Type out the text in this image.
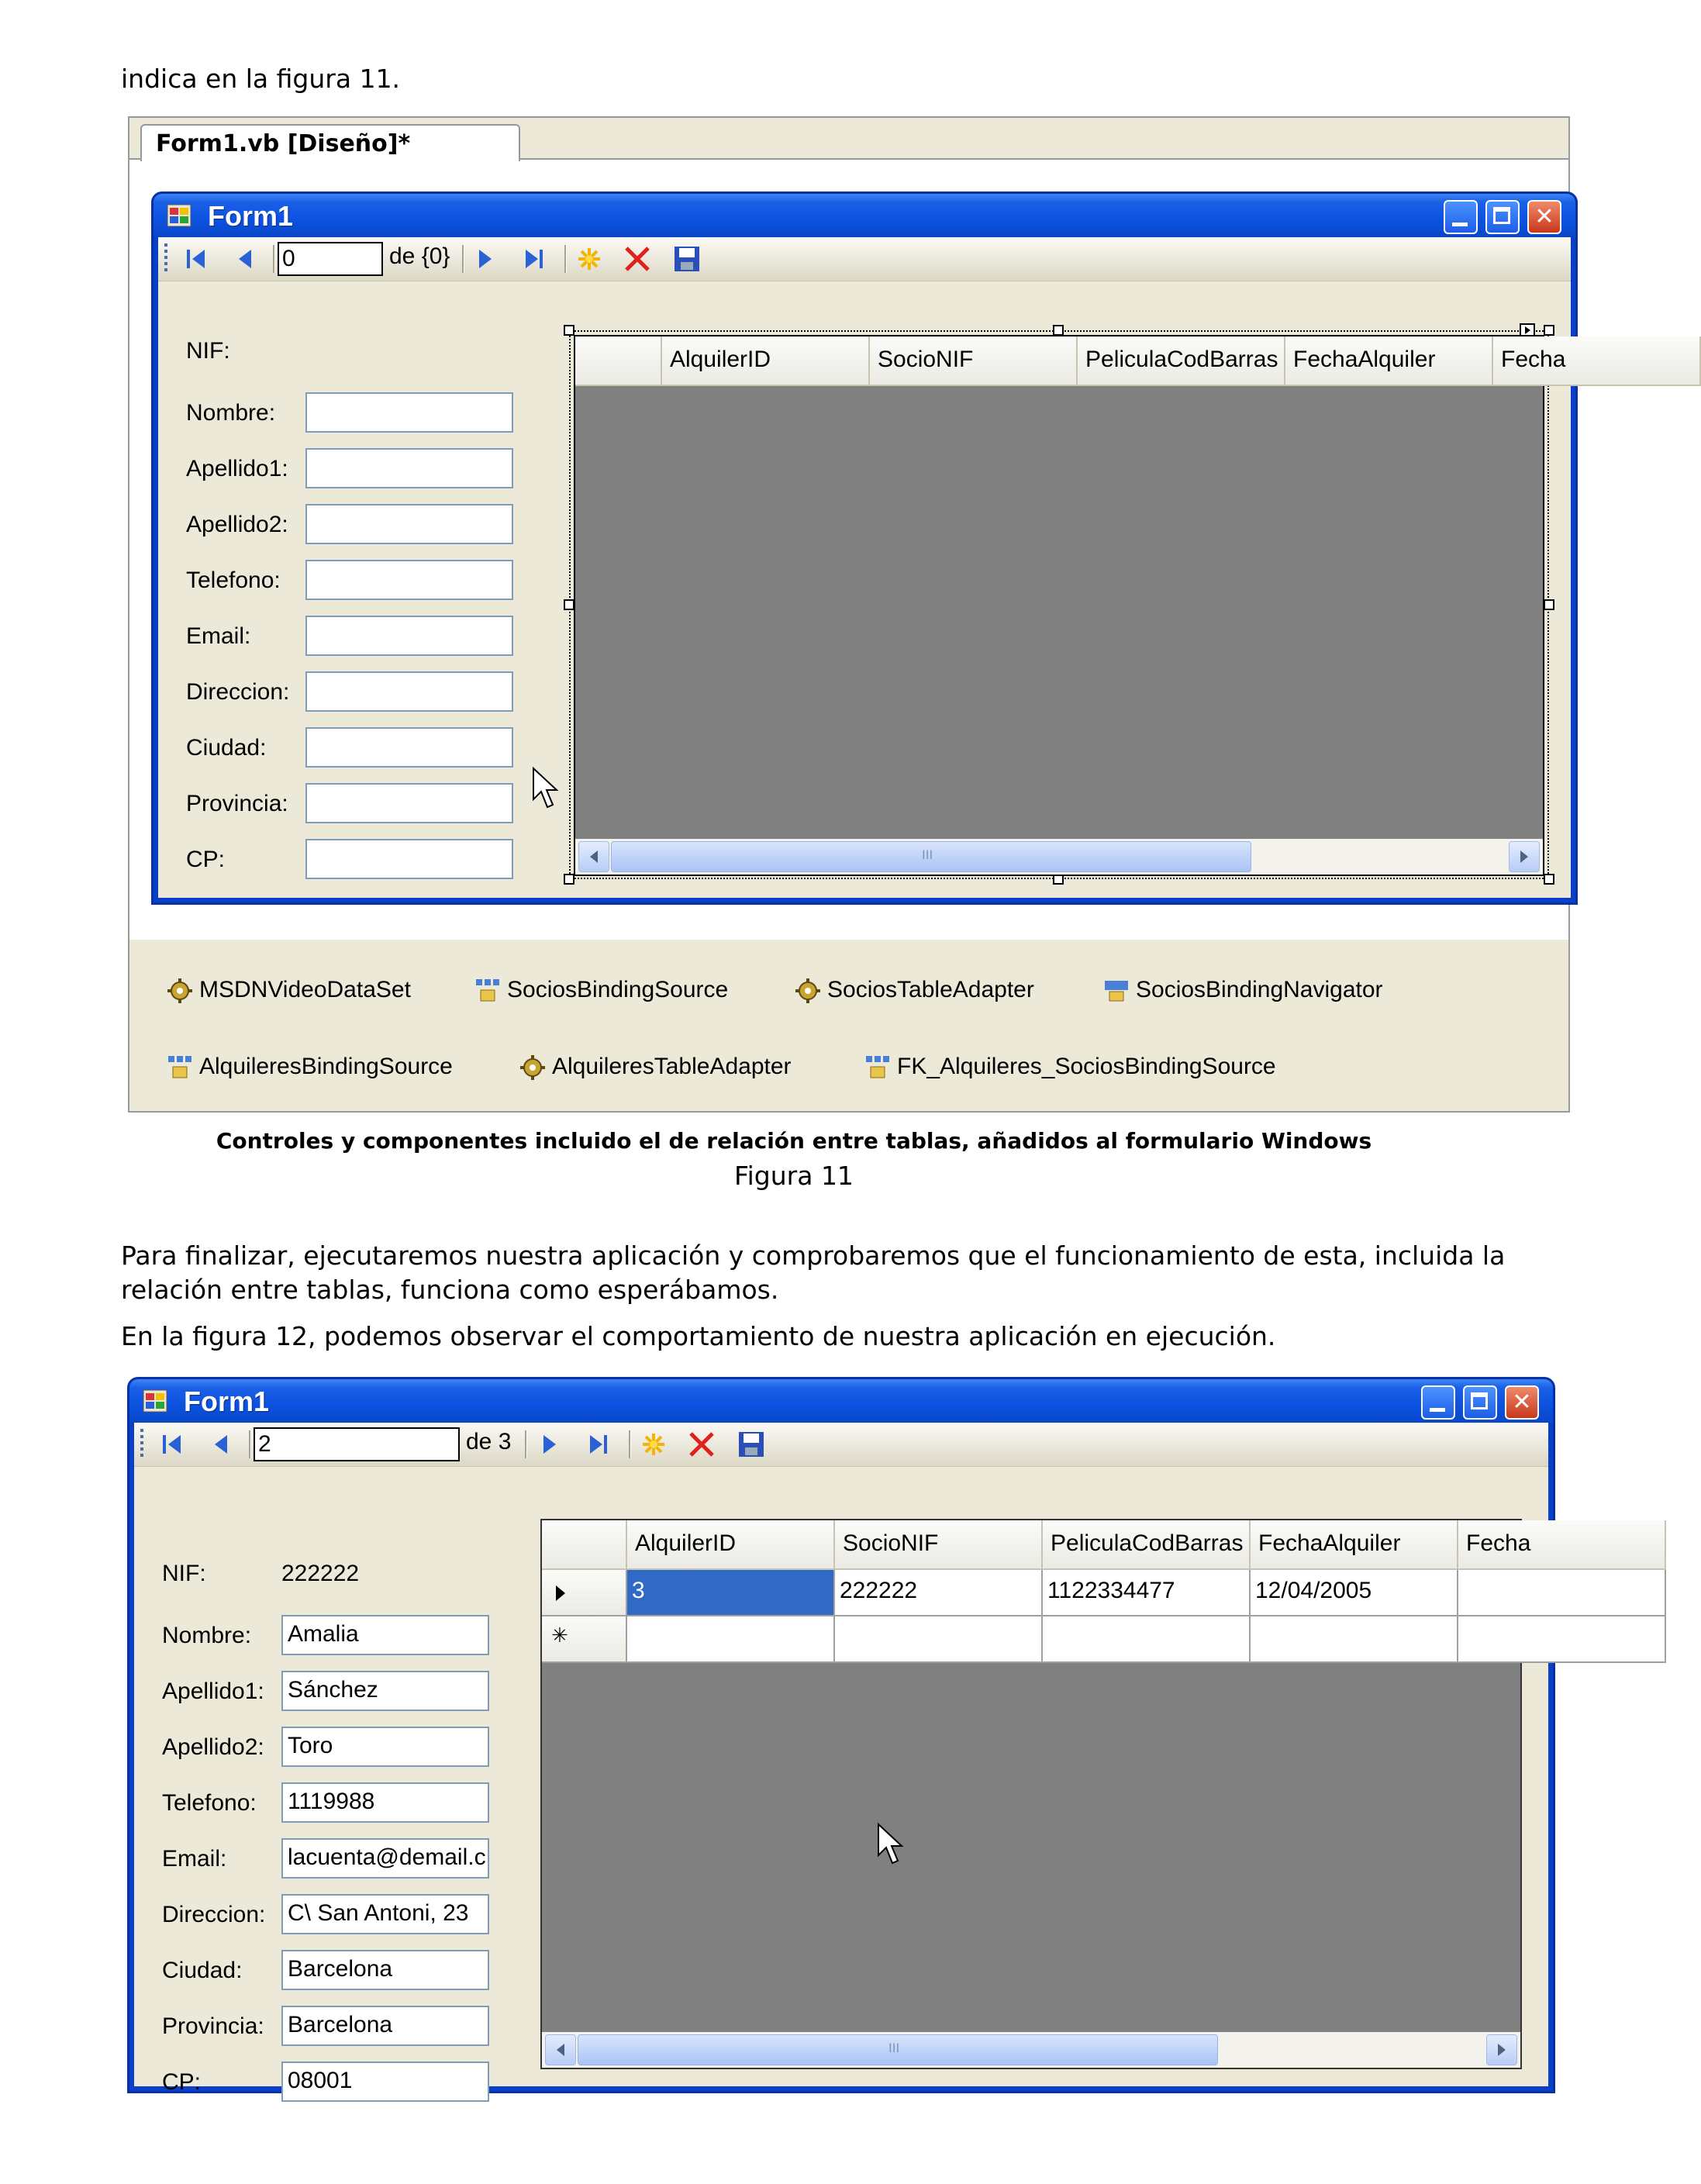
indica en la figura 11.
Form1.vb [Diseño]*
Form1	✕
0	de {0}
NIF:
Nombre:
Apellido1:
Apellido2:
Telefono:
Email:
Direccion:
Ciudad:
Provincia:
CP:
AlquilerID	SocioNIF	PeliculaCodBarras FechaAlquiler	Fecha
III
MSDNVideoDataSet	SociosBindingSource	SociosTableAdapter	SociosBindingNavigator
AlquileresBindingSource	AlquileresTableAdapter	FK_Alquileres_SociosBindingSource
Controles y componentes incluido el de relación entre tablas, añadidos al formulario Windows
Figura 11
Para finalizar, ejecutaremos nuestra aplicación y comprobaremos que el funcionamiento de esta, incluida la relación entre tablas, funciona como esperábamos.
En la figura 12, podemos observar el comportamiento de nuestra aplicación en ejecución.
Form1	✕
2	de 3
NIF:	222222
Nombre: Amalia
Apellido1: Sánchez
Apellido2: Toro
Telefono: 1119988
Email:	lacuenta@demail.c
Direccion: C\ San Antoni, 23
Ciudad: Barcelona
Provincia: Barcelona
CP:	08001
AlquilerID	SocioNIF	PeliculaCodBarras FechaAlquiler	Fecha
3	222222	1122334477	12/04/2005
✳
III
